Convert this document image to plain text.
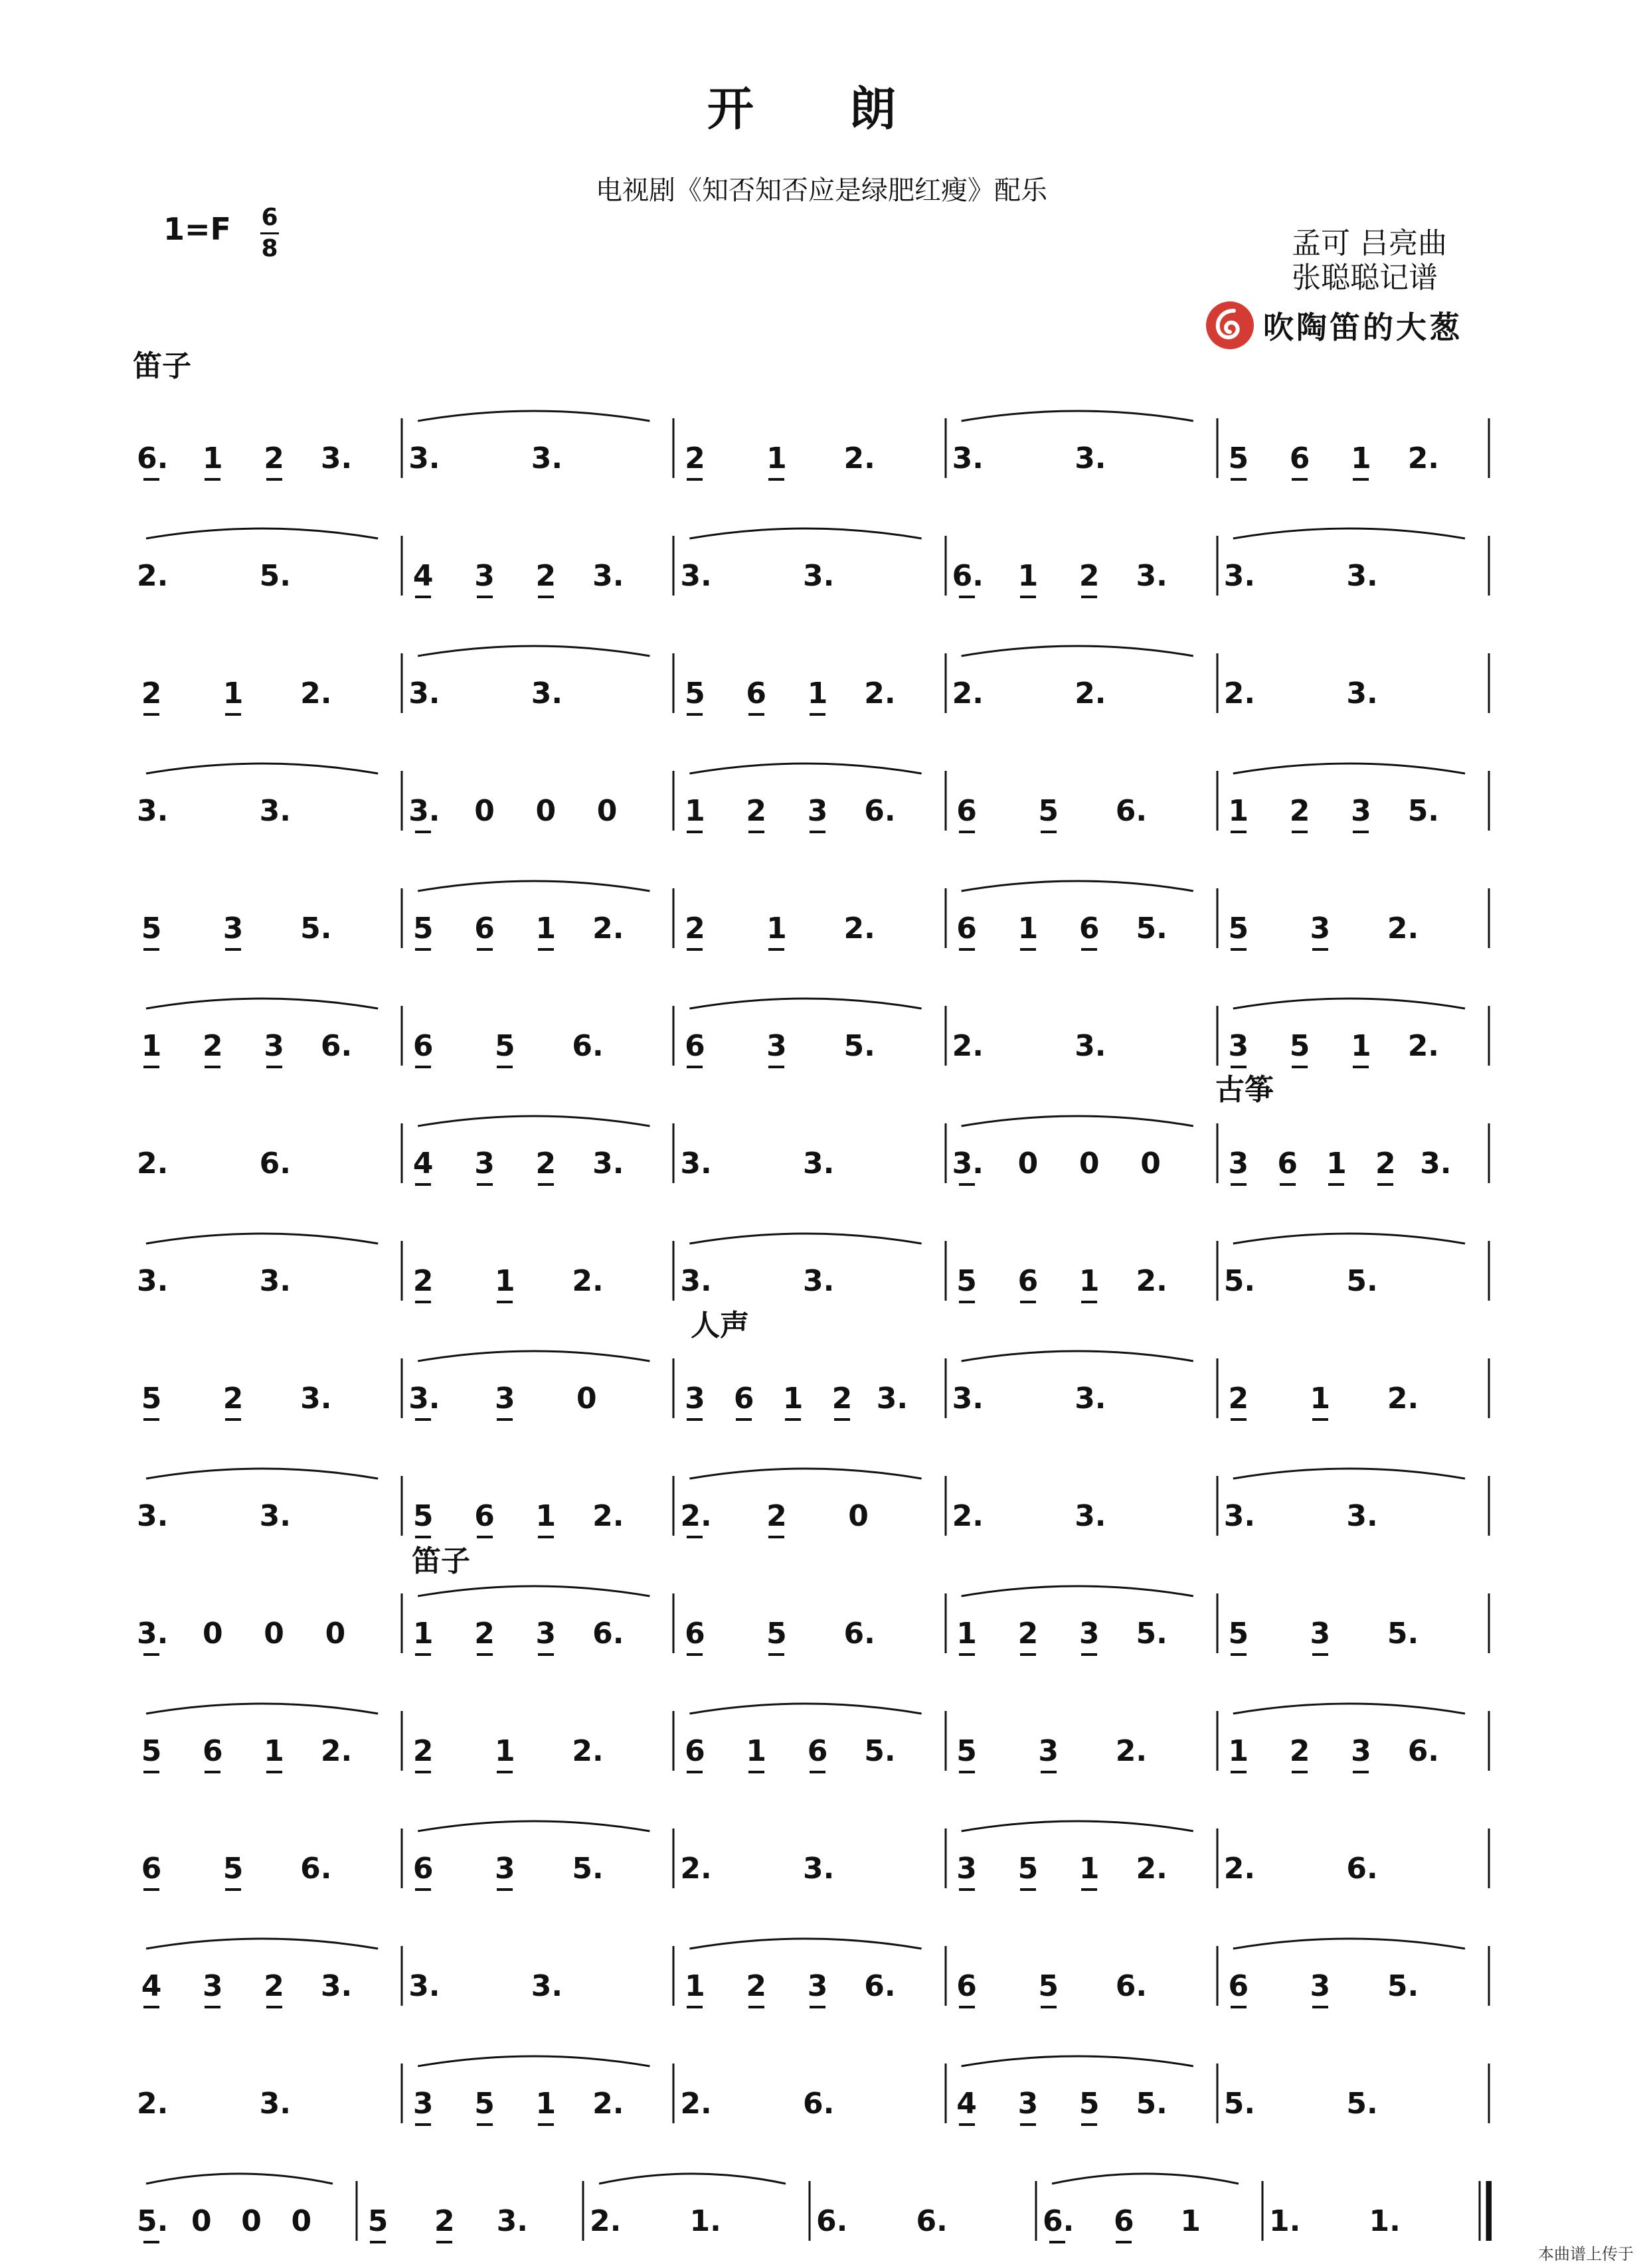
开 朗
电视剧《知否知否应是绿肥红瘦》配乐
1=F 6
8	孟可 吕亮曲
张聪聪记谱
吹陶笛的大葱
笛子
古筝
人声
笛子
6. 1 2 3. 3.	3.	2 1 2.	3.	3.	5 6 1 2.
2.	5.	4 3 2 3. 3.	3.	6. 1 2 3. 3.	3.
2 1 2.	3.	3.	5 6 1 2. 2.	2.	2.	3.
3.	3.	3. 0 0 0 1 2 3 6. 6 5 6.	1 2 3 5.
5 3 5.	5 6 1 2. 2 1 2.	6 1 6 5. 5 3 2.
1 2 3 6. 6 5 6.	6 3 5.	2.	3.	3 5 1 2.
2.	6.	4 3 2 3. 3.	3.	3. 0 0 0 3 6 1 2 3.
3.	3.	2 1 2.	3.	3.	5 6 1 2. 5.	5.
5 2 3.	3. 3 0	3 6 1 2 3. 3.	3.	2 1 2.
3.	3.	5 6 1 2. 2. 2 0	2.	3.	3.	3.
3. 0 0 0 1 2 3 6. 6 5 6.	1 2 3 5. 5 3 5.
5 6 1 2. 2 1 2.	6 1 6 5. 5 3 2.	1 2 3 6.
6 5 6.	6 3 5.	2.	3.	3 5 1 2. 2.	6.
4 3 2 3. 3.	3.	1 2 3 6. 6 5 6.	6 3 5.
2.	3.	3 5 1 2. 2.	6.	4 3 5 5. 5.	5.
5. 0 0 0 5 2 3. 2. 1.	6. 6.	6. 6 1 1. 1.
本曲谱上传于
